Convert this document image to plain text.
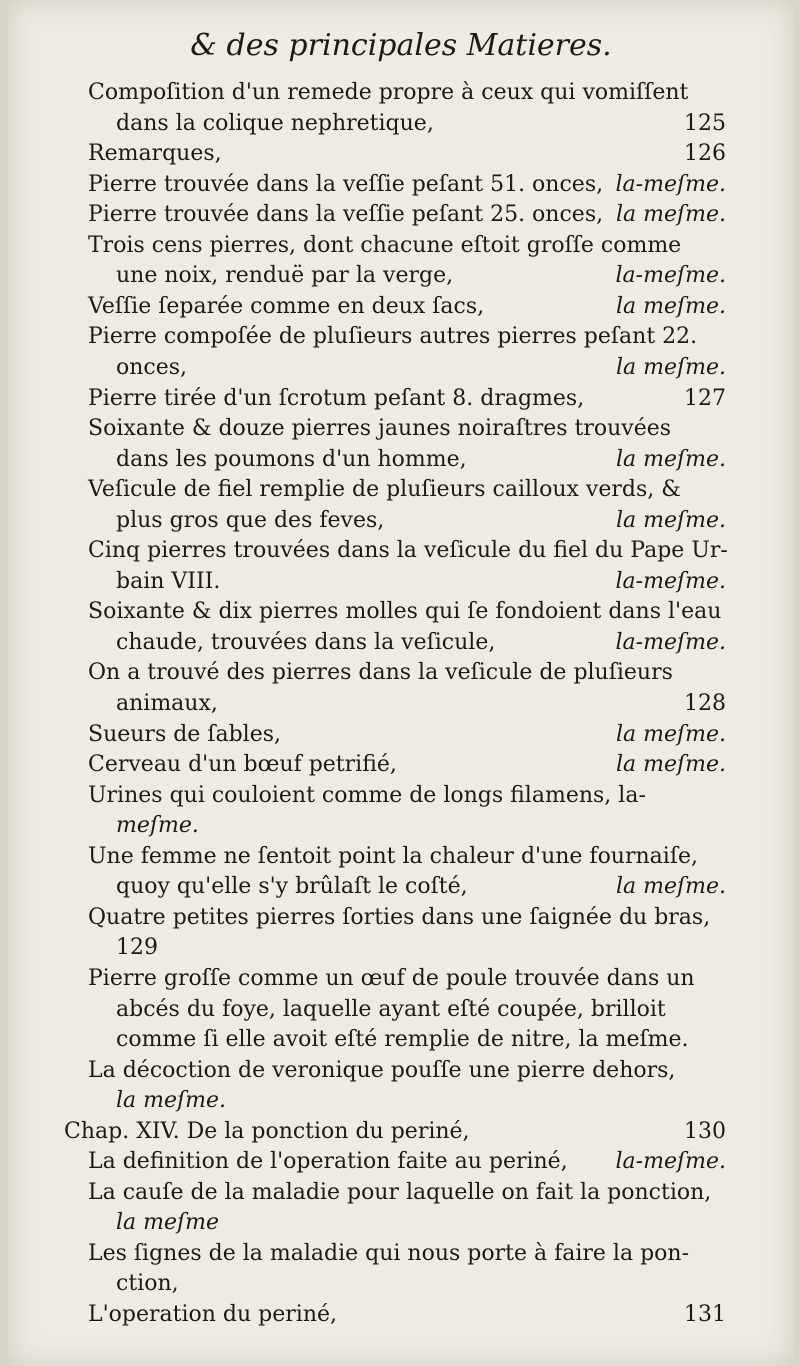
& des principales Matieres.
Compoſition d'un remede propre à ceux qui vomiſſent
dans la colique nephretique,	125
Remarques,	126
Pierre trouvée dans la veſſie peſant 51. onces, la-meſme.
Pierre trouvée dans la veſſie peſant 25. onces, la meſme.
Trois cens pierres, dont chacune eſtoit groſſe comme
une noix, renduë par la verge,	la-meſme.
Veſſie ſeparée comme en deux ſacs,	la meſme.
Pierre compoſée de pluſieurs autres pierres peſant 22.
onces,	la meſme.
Pierre tirée d'un ſcrotum peſant 8. dragmes,	127
Soixante & douze pierres jaunes noiraſtres trouvées
dans les poumons d'un homme,	la meſme.
Veſicule de fiel remplie de pluſieurs cailloux verds, &
plus gros que des feves,	la meſme.
Cinq pierres trouvées dans la veſicule du fiel du Pape Ur-
bain VIII.	la-meſme.
Soixante & dix pierres molles qui ſe fondoient dans l'eau
chaude, trouvées dans la veſicule,	la-meſme.
On a trouvé des pierres dans la veſicule de pluſieurs
animaux,	128
Sueurs de ſables,	la meſme.
Cerveau d'un bœuf petrifié,	la meſme.
Urines qui couloient comme de longs filamens, la-
meſme.
Une femme ne ſentoit point la chaleur d'une fournaiſe,
quoy qu'elle s'y brûlaſt le coſté,	la meſme.
Quatre petites pierres ſorties dans une ſaignée du bras,
129
Pierre groſſe comme un œuf de poule trouvée dans un
abcés du foye, laquelle ayant eſté coupée, brilloit
comme ſi elle avoit eſté remplie de nitre, la meſme.
La décoction de veronique pouſſe une pierre dehors,
la meſme.
Chap. XIV. De la ponction du periné,	130
La definition de l'operation faite au periné, la-meſme.
La cauſe de la maladie pour laquelle on fait la ponction,
la meſme
Les ſignes de la maladie qui nous porte à faire la pon-
ction,
L'operation du periné,	131
